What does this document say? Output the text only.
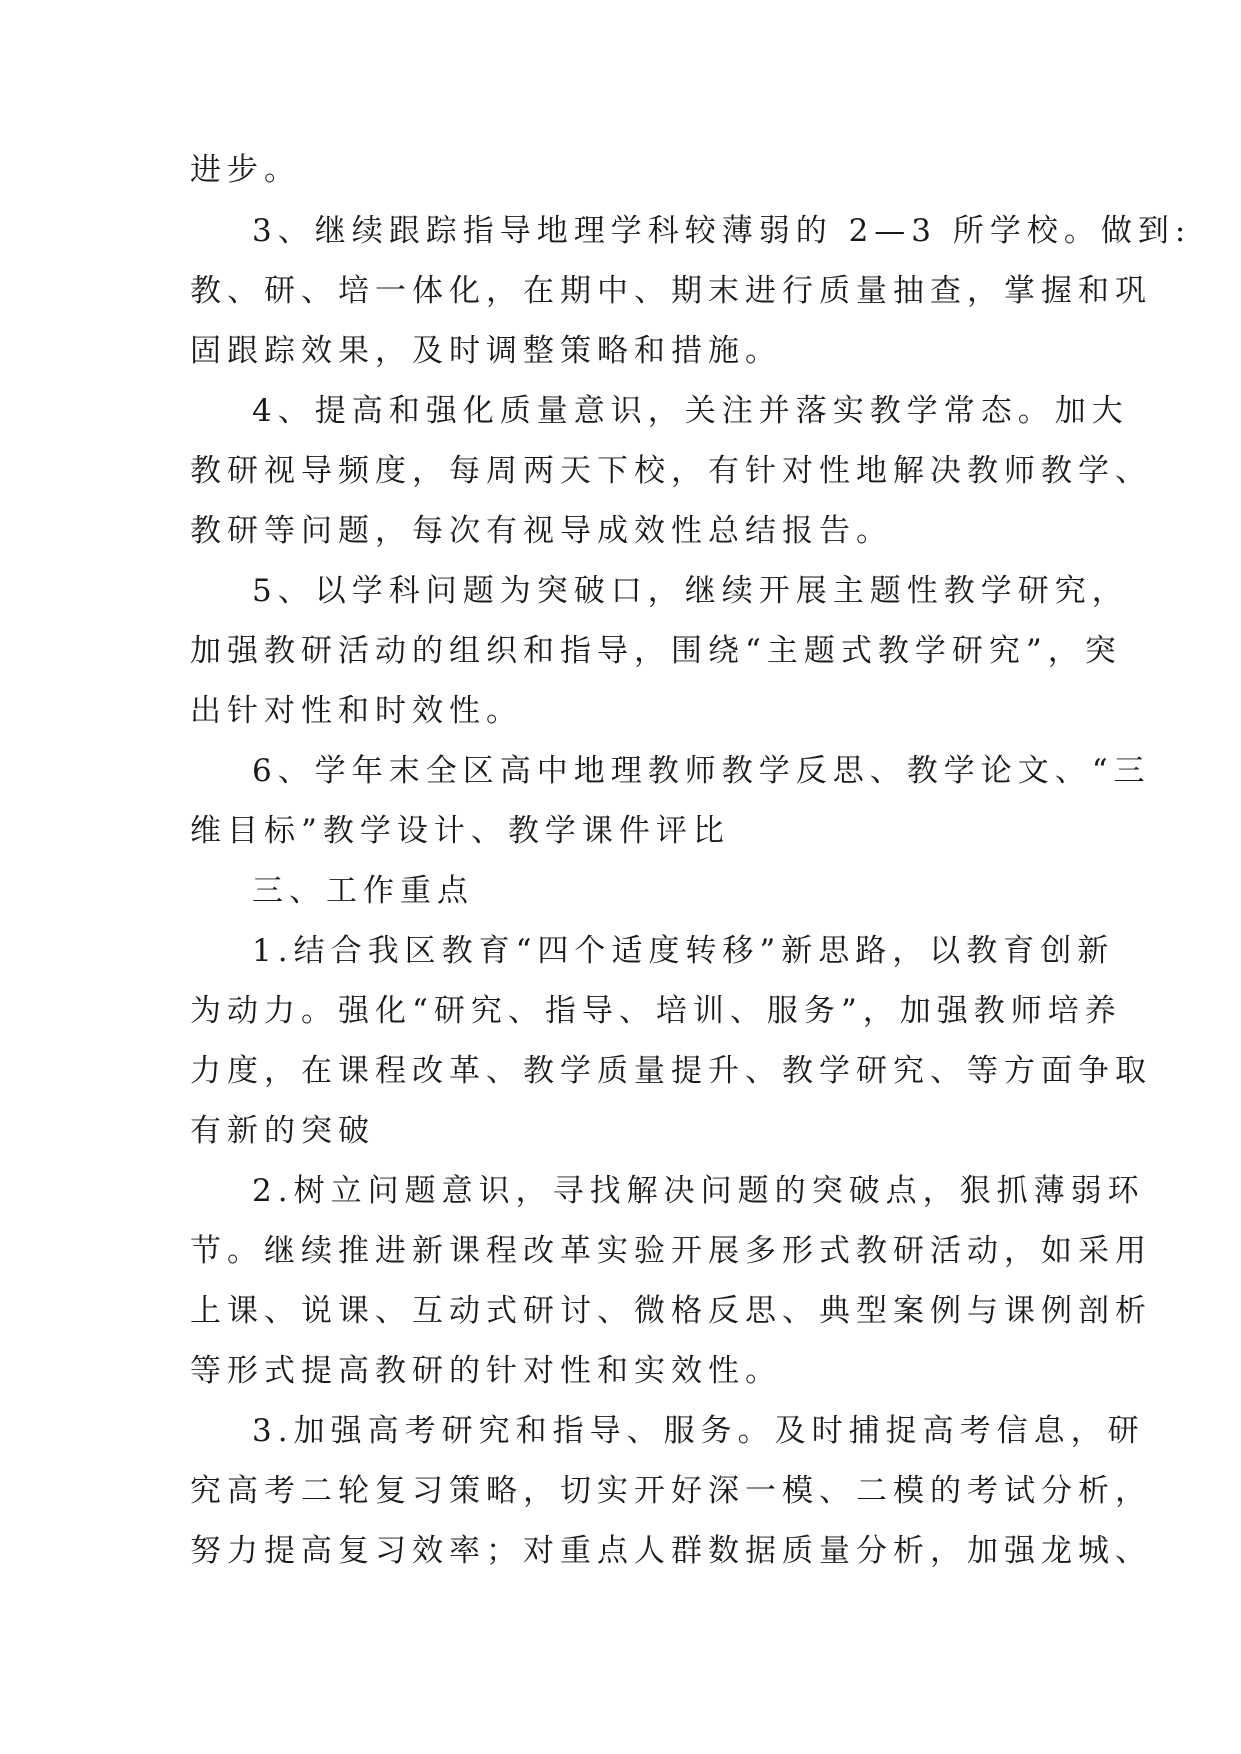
进步。
3、继续跟踪指导地理学科较薄弱的 2—3 所学校。做到:
教、研、培一体化，在期中、期末进行质量抽查，掌握和巩
固跟踪效果，及时调整策略和措施。
4、提高和强化质量意识，关注并落实教学常态。加大
教研视导频度，每周两天下校，有针对性地解决教师教学、
教研等问题，每次有视导成效性总结报告。
5、以学科问题为突破口，继续开展主题性教学研究，
加强教研活动的组织和指导，围绕“主题式教学研究”，突
出针对性和时效性。
6、学年末全区高中地理教师教学反思、教学论文、“三
维目标”教学设计、教学课件评比
三、工作重点
1.结合我区教育“四个适度转移”新思路，以教育创新
为动力。强化“研究、指导、培训、服务”，加强教师培养
力度，在课程改革、教学质量提升、教学研究、等方面争取
有新的突破
2.树立问题意识，寻找解决问题的突破点，狠抓薄弱环
节。继续推进新课程改革实验开展多形式教研活动，如采用
上课、说课、互动式研讨、微格反思、典型案例与课例剖析
等形式提高教研的针对性和实效性。
3.加强高考研究和指导、服务。及时捕捉高考信息，研
究高考二轮复习策略，切实开好深一模、二模的考试分析，
努力提高复习效率；对重点人群数据质量分析，加强龙城、
